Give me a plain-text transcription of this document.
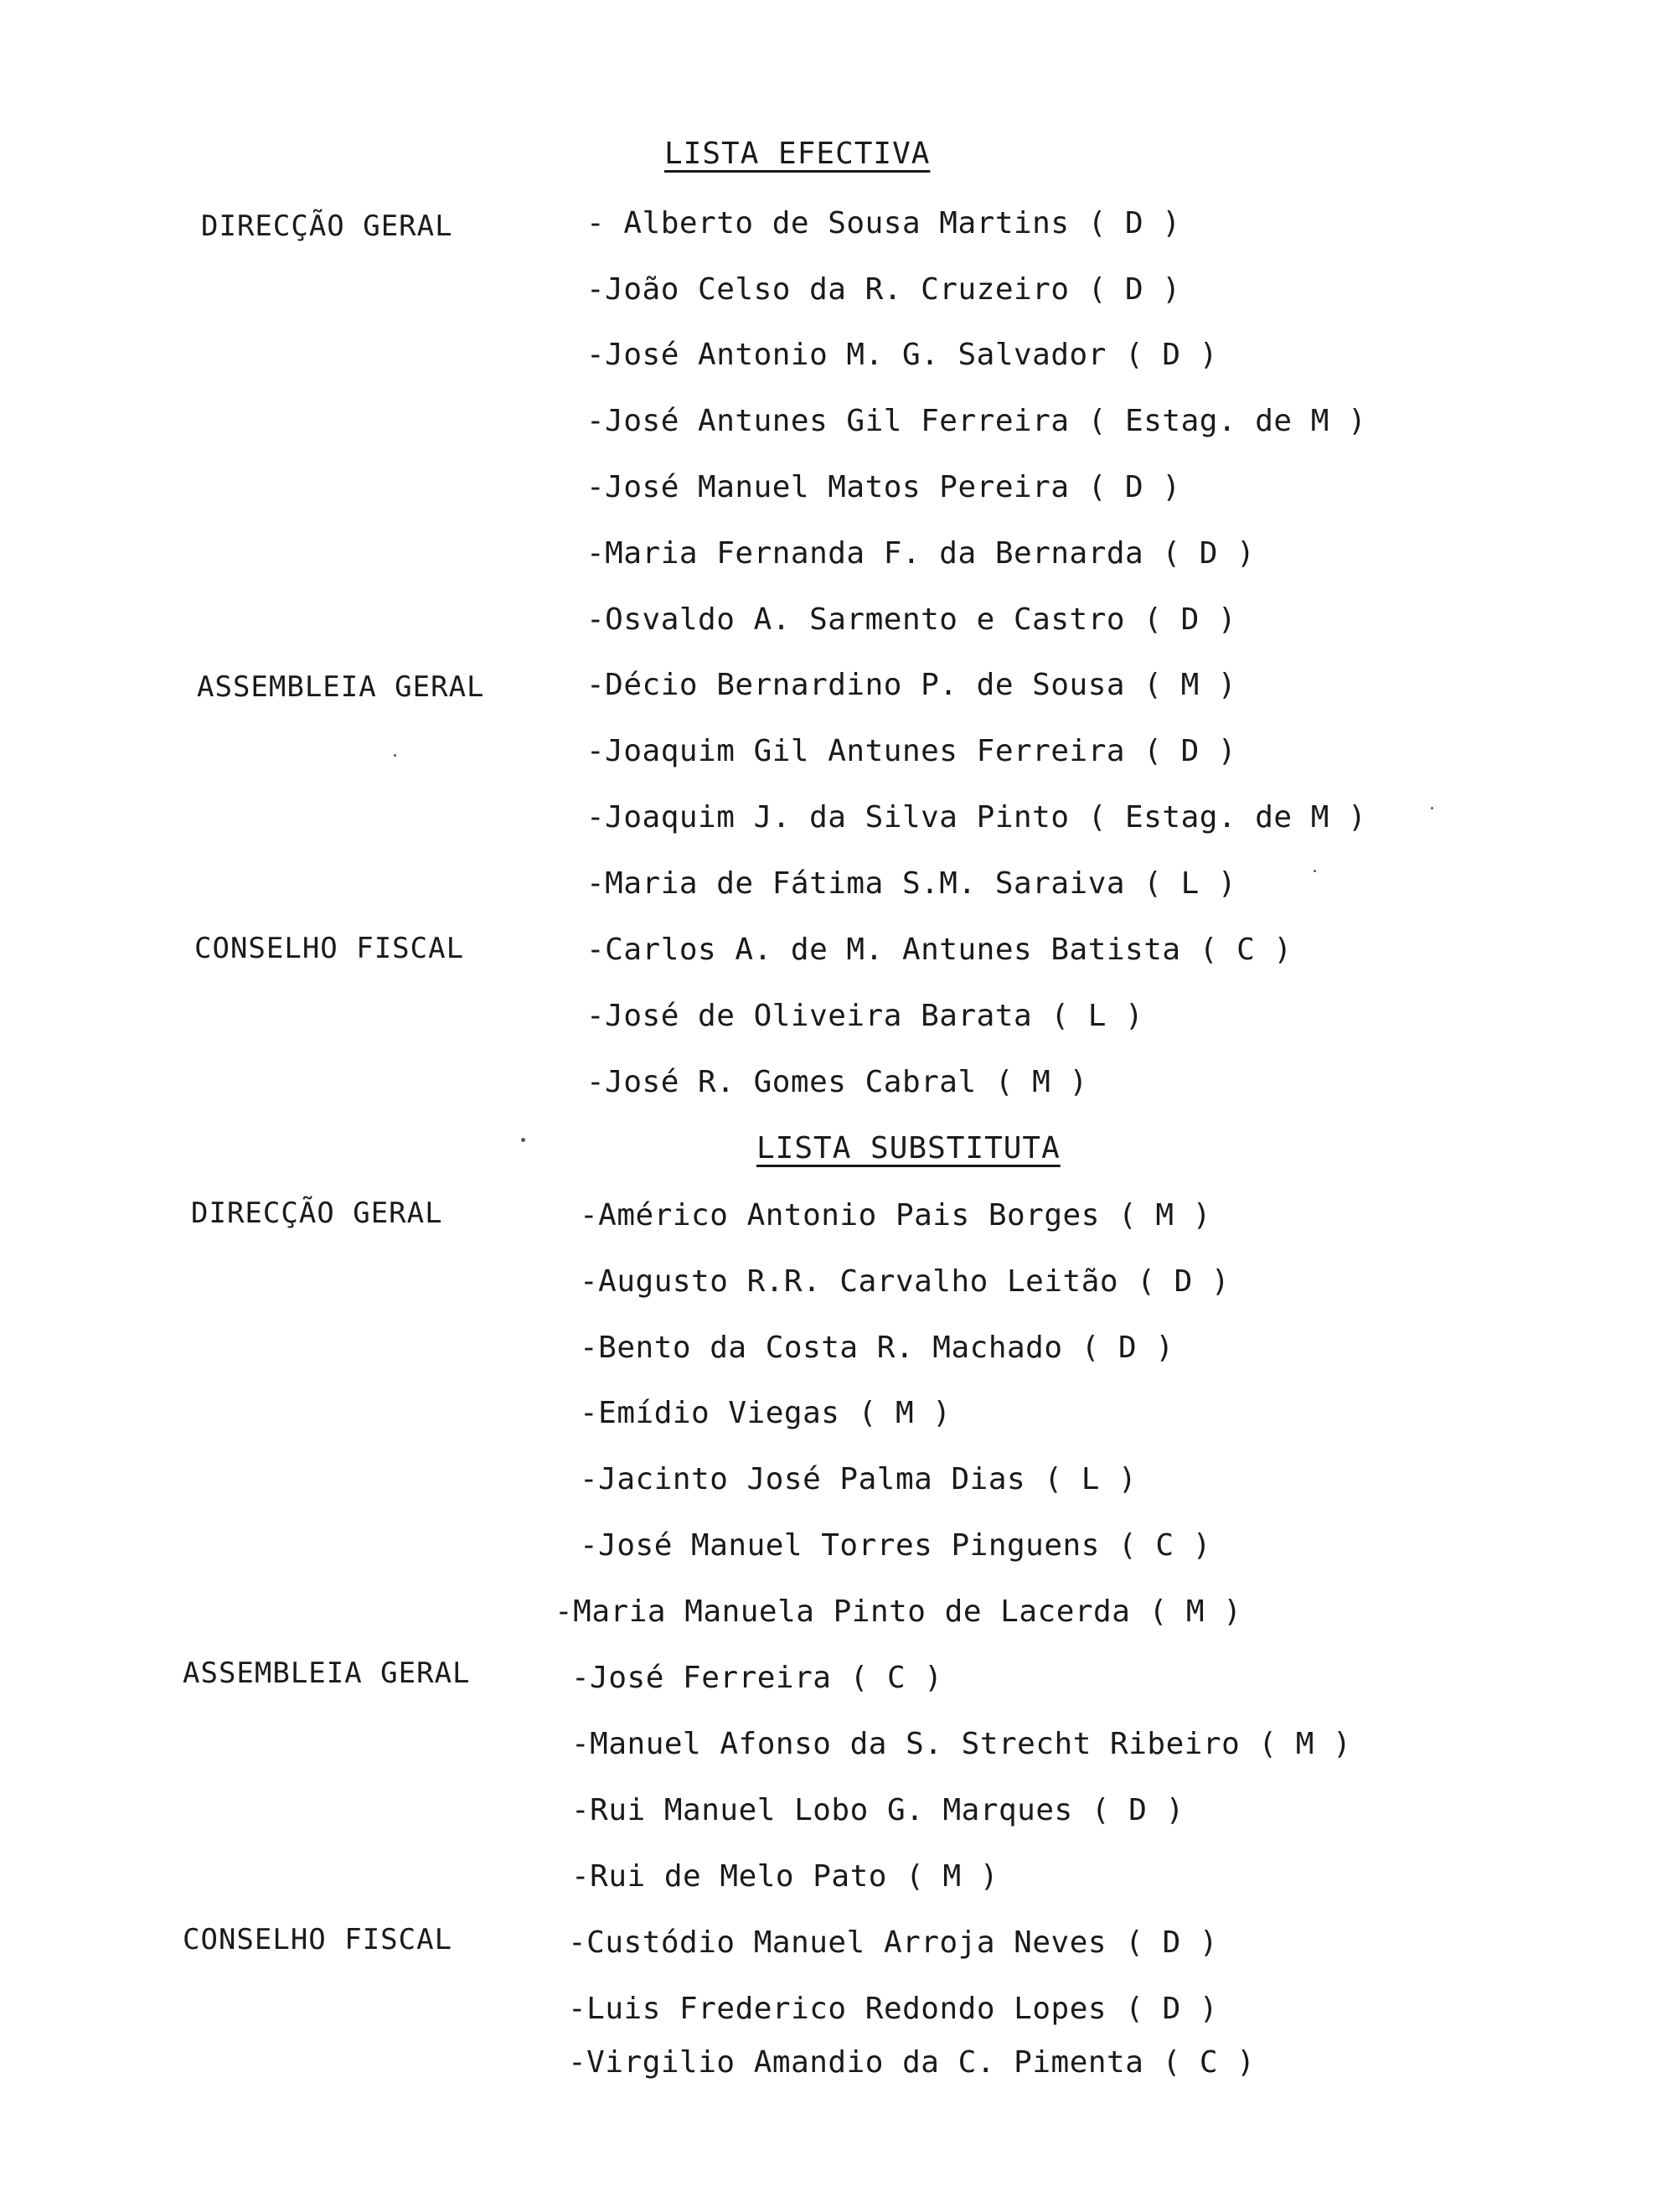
LISTA EFECTIVA
DIRECÇÃO GERAL	- Alberto de Sousa Martins ( D )
-João Celso da R. Cruzeiro ( D )
-José Antonio M. G. Salvador ( D )
-José Antunes Gil Ferreira ( Estag. de M )
-José Manuel Matos Pereira ( D )
-Maria Fernanda F. da Bernarda ( D )
-Osvaldo A. Sarmento e Castro ( D )
ASSEMBLEIA GERAL	-Décio Bernardino P. de Sousa ( M )
-Joaquim Gil Antunes Ferreira ( D )
-Joaquim J. da Silva Pinto ( Estag. de M )
-Maria de Fátima S.M. Saraiva ( L )
CONSELHO FISCAL	-Carlos A. de M. Antunes Batista ( C )
-José de Oliveira Barata ( L )
-José R. Gomes Cabral ( M )
LISTA SUBSTITUTA
DIRECÇÃO GERAL	-Américo Antonio Pais Borges ( M )
-Augusto R.R. Carvalho Leitão ( D )
-Bento da Costa R. Machado ( D )
-Emídio Viegas ( M )
-Jacinto José Palma Dias ( L )
-José Manuel Torres Pinguens ( C )
-Maria Manuela Pinto de Lacerda ( M )
ASSEMBLEIA GERAL	-José Ferreira ( C )
-Manuel Afonso da S. Strecht Ribeiro ( M )
-Rui Manuel Lobo G. Marques ( D )
-Rui de Melo Pato ( M )
CONSELHO FISCAL	-Custódio Manuel Arroja Neves ( D )
-Luis Frederico Redondo Lopes ( D )
-Virgilio Amandio da C. Pimenta ( C )
